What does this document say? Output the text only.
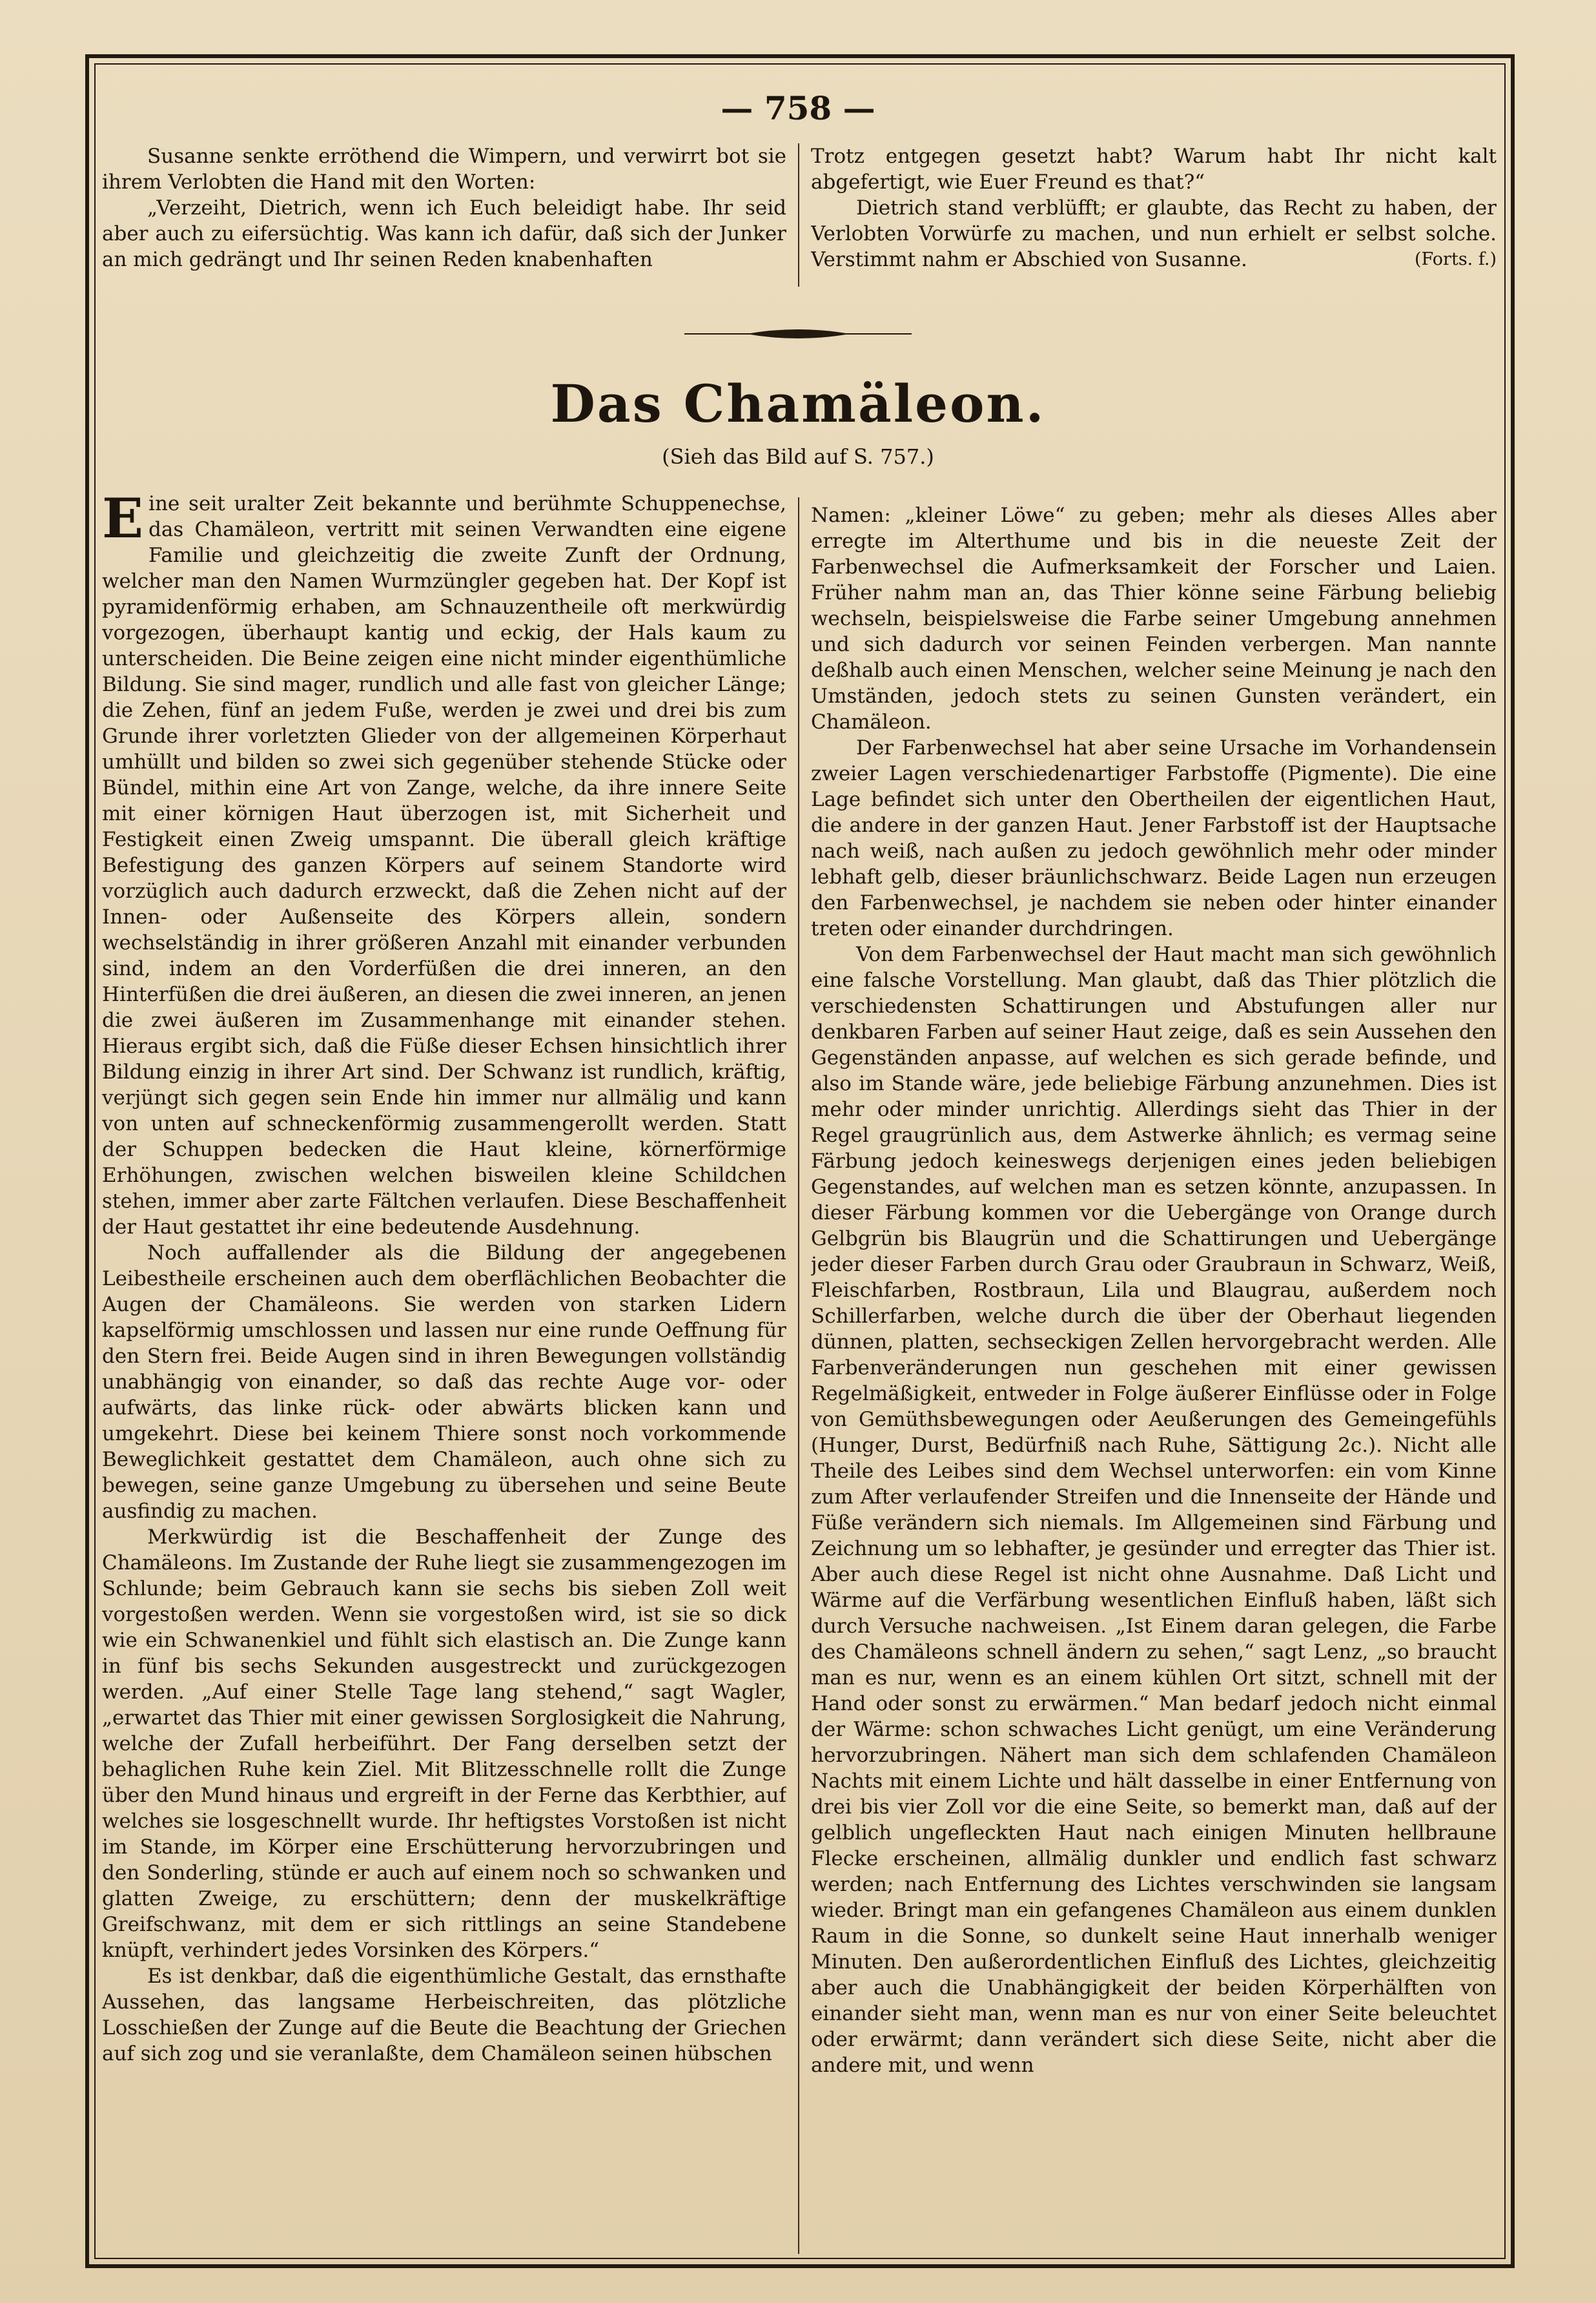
— 758 —

Susanne senkte erröthend die Wimpern, und verwirrt bot sie ihrem Verlobten die Hand mit den Worten:

„Verzeiht, Dietrich, wenn ich Euch beleidigt habe. Ihr seid aber auch zu eifersüchtig. Was kann ich dafür, daß sich der Junker an mich gedrängt und Ihr seinen Reden knabenhaften

Trotz entgegen gesetzt habt? Warum habt Ihr nicht kalt abgefertigt, wie Euer Freund es that?“

Dietrich stand verblüfft; er glaubte, das Recht zu haben, der Verlobten Vorwürfe zu machen, und nun erhielt er selbst solche. Verstimmt nahm er Abschied von Susanne.	(Forts. f.)

Das Chamäleon.
(Sieh das Bild auf S. 757.)

Eine seit uralter Zeit bekannte und berühmte Schuppenechse, das Chamäleon, vertritt mit seinen Verwandten eine eigene Familie und gleichzeitig die zweite Zunft der Ordnung, welcher man den Namen Wurmzüngler gegeben hat. Der Kopf ist pyramidenförmig erhaben, am Schnauzentheile oft merkwürdig vorgezogen, überhaupt kantig und eckig, der Hals kaum zu unterscheiden. Die Beine zeigen eine nicht minder eigenthümliche Bildung. Sie sind mager, rundlich und alle fast von gleicher Länge; die Zehen, fünf an jedem Fuße, werden je zwei und drei bis zum Grunde ihrer vorletzten Glieder von der allgemeinen Körperhaut umhüllt und bilden so zwei sich gegenüber stehende Stücke oder Bündel, mithin eine Art von Zange, welche, da ihre innere Seite mit einer körnigen Haut überzogen ist, mit Sicherheit und Festigkeit einen Zweig umspannt. Die überall gleich kräftige Befestigung des ganzen Körpers auf seinem Standorte wird vorzüglich auch dadurch erzweckt, daß die Zehen nicht auf der Innen- oder Außenseite des Körpers allein, sondern wechselständig in ihrer größeren Anzahl mit einander verbunden sind, indem an den Vorderfüßen die drei inneren, an den Hinterfüßen die drei äußeren, an diesen die zwei inneren, an jenen die zwei äußeren im Zusammenhange mit einander stehen. Hieraus ergibt sich, daß die Füße dieser Echsen hinsichtlich ihrer Bildung einzig in ihrer Art sind. Der Schwanz ist rundlich, kräftig, verjüngt sich gegen sein Ende hin immer nur allmälig und kann von unten auf schneckenförmig zusammengerollt werden. Statt der Schuppen bedecken die Haut kleine, körnerförmige Erhöhungen, zwischen welchen bisweilen kleine Schildchen stehen, immer aber zarte Fältchen verlaufen. Diese Beschaffenheit der Haut gestattet ihr eine bedeutende Ausdehnung.

Noch auffallender als die Bildung der angegebenen Leibestheile erscheinen auch dem oberflächlichen Beobachter die Augen der Chamäleons. Sie werden von starken Lidern kapselförmig umschlossen und lassen nur eine runde Oeffnung für den Stern frei. Beide Augen sind in ihren Bewegungen vollständig unabhängig von einander, so daß das rechte Auge vor- oder aufwärts, das linke rück- oder abwärts blicken kann und umgekehrt. Diese bei keinem Thiere sonst noch vorkommende Beweglichkeit gestattet dem Chamäleon, auch ohne sich zu bewegen, seine ganze Umgebung zu übersehen und seine Beute ausfindig zu machen.

Merkwürdig ist die Beschaffenheit der Zunge des Chamäleons. Im Zustande der Ruhe liegt sie zusammengezogen im Schlunde; beim Gebrauch kann sie sechs bis sieben Zoll weit vorgestoßen werden. Wenn sie vorgestoßen wird, ist sie so dick wie ein Schwanenkiel und fühlt sich elastisch an. Die Zunge kann in fünf bis sechs Sekunden ausgestreckt und zurückgezogen werden. „Auf einer Stelle Tage lang stehend,“ sagt Wagler, „erwartet das Thier mit einer gewissen Sorglosigkeit die Nahrung, welche der Zufall herbeiführt. Der Fang derselben setzt der behaglichen Ruhe kein Ziel. Mit Blitzesschnelle rollt die Zunge über den Mund hinaus und ergreift in der Ferne das Kerbthier, auf welches sie losgeschnellt wurde. Ihr heftigstes Vorstoßen ist nicht im Stande, im Körper eine Erschütterung hervorzubringen und den Sonderling, stünde er auch auf einem noch so schwanken und glatten Zweige, zu erschüttern; denn der muskelkräftige Greifschwanz, mit dem er sich rittlings an seine Standebene knüpft, verhindert jedes Vorsinken des Körpers.“

Es ist denkbar, daß die eigenthümliche Gestalt, das ernsthafte Aussehen, das langsame Herbeischreiten, das plötzliche Losschießen der Zunge auf die Beute die Beachtung der Griechen auf sich zog und sie veranlaßte, dem Chamäleon seinen hübschen

Namen: „kleiner Löwe“ zu geben; mehr als dieses Alles aber erregte im Alterthume und bis in die neueste Zeit der Farbenwechsel die Aufmerksamkeit der Forscher und Laien. Früher nahm man an, das Thier könne seine Färbung beliebig wechseln, beispielsweise die Farbe seiner Umgebung annehmen und sich dadurch vor seinen Feinden verbergen. Man nannte deßhalb auch einen Menschen, welcher seine Meinung je nach den Umständen, jedoch stets zu seinen Gunsten verändert, ein Chamäleon.

Der Farbenwechsel hat aber seine Ursache im Vorhandensein zweier Lagen verschiedenartiger Farbstoffe (Pigmente). Die eine Lage befindet sich unter den Obertheilen der eigentlichen Haut, die andere in der ganzen Haut. Jener Farbstoff ist der Hauptsache nach weiß, nach außen zu jedoch gewöhnlich mehr oder minder lebhaft gelb, dieser bräunlichschwarz. Beide Lagen nun erzeugen den Farbenwechsel, je nachdem sie neben oder hinter einander treten oder einander durchdringen.

Von dem Farbenwechsel der Haut macht man sich gewöhnlich eine falsche Vorstellung. Man glaubt, daß das Thier plötzlich die verschiedensten Schattirungen und Abstufungen aller nur denkbaren Farben auf seiner Haut zeige, daß es sein Aussehen den Gegenständen anpasse, auf welchen es sich gerade befinde, und also im Stande wäre, jede beliebige Färbung anzunehmen. Dies ist mehr oder minder unrichtig. Allerdings sieht das Thier in der Regel graugrünlich aus, dem Astwerke ähnlich; es vermag seine Färbung jedoch keineswegs derjenigen eines jeden beliebigen Gegenstandes, auf welchen man es setzen könnte, anzupassen. In dieser Färbung kommen vor die Uebergänge von Orange durch Gelbgrün bis Blaugrün und die Schattirungen und Uebergänge jeder dieser Farben durch Grau oder Graubraun in Schwarz, Weiß, Fleischfarben, Rostbraun, Lila und Blaugrau, außerdem noch Schillerfarben, welche durch die über der Oberhaut liegenden dünnen, platten, sechseckigen Zellen hervorgebracht werden. Alle Farbenveränderungen nun geschehen mit einer gewissen Regelmäßigkeit, entweder in Folge äußerer Einflüsse oder in Folge von Gemüthsbewegungen oder Aeußerungen des Gemeingefühls (Hunger, Durst, Bedürfniß nach Ruhe, Sättigung 2c.). Nicht alle Theile des Leibes sind dem Wechsel unterworfen: ein vom Kinne zum After verlaufender Streifen und die Innenseite der Hände und Füße verändern sich niemals. Im Allgemeinen sind Färbung und Zeichnung um so lebhafter, je gesünder und erregter das Thier ist. Aber auch diese Regel ist nicht ohne Ausnahme. Daß Licht und Wärme auf die Verfärbung wesentlichen Einfluß haben, läßt sich durch Versuche nachweisen. „Ist Einem daran gelegen, die Farbe des Chamäleons schnell ändern zu sehen,“ sagt Lenz, „so braucht man es nur, wenn es an einem kühlen Ort sitzt, schnell mit der Hand oder sonst zu erwärmen.“ Man bedarf jedoch nicht einmal der Wärme: schon schwaches Licht genügt, um eine Veränderung hervorzubringen. Nähert man sich dem schlafenden Chamäleon Nachts mit einem Lichte und hält dasselbe in einer Entfernung von drei bis vier Zoll vor die eine Seite, so bemerkt man, daß auf der gelblich ungefleckten Haut nach einigen Minuten hellbraune Flecke erscheinen, allmälig dunkler und endlich fast schwarz werden; nach Entfernung des Lichtes verschwinden sie langsam wieder. Bringt man ein gefangenes Chamäleon aus einem dunklen Raum in die Sonne, so dunkelt seine Haut innerhalb weniger Minuten. Den außerordentlichen Einfluß des Lichtes, gleichzeitig aber auch die Unabhängigkeit der beiden Körperhälften von einander sieht man, wenn man es nur von einer Seite beleuchtet oder erwärmt; dann verändert sich diese Seite, nicht aber die andere mit, und wenn
